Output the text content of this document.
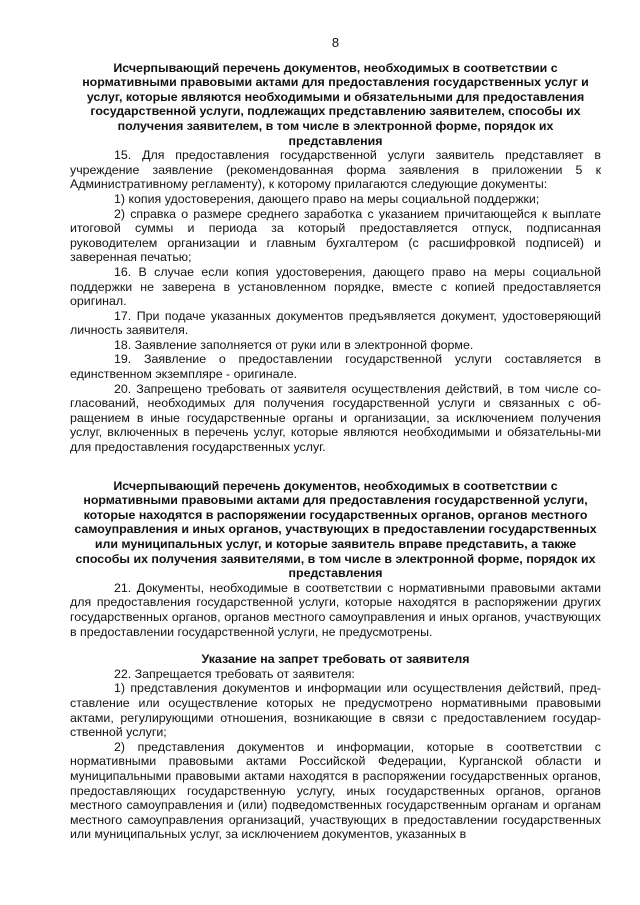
8

Исчерпывающий перечень документов, необходимых в соответствии с нормативными правовыми актами для предоставления государственных услуг и услуг, которые являются необходимыми и обязательными для предоставления государственной услуги, подлежащих представлению заявителем, способы их получения заявителем, в том числе в электронной форме, порядок их представления

15. Для предоставления государственной услуги заявитель представляет в учреждение заявление (рекомендованная форма заявления в приложении 5 к Административному регламенту), к которому прилагаются следующие документы:

1) копия удостоверения, дающего право на меры социальной поддержки;

2) справка о размере среднего заработка с указанием причитающейся к выплате итоговой суммы и периода за который предоставляется отпуск, подписанная руководителем организации и главным бухгалтером (с расшифровкой подписей) и заверенная печатью;

16. В случае если копия удостоверения, дающего право на меры социальной поддержки не заверена в установленном порядке, вместе с копией предоставляется оригинал.

17. При подаче указанных документов предъявляется документ, удостоверяющий личность заявителя.

18. Заявление заполняется от руки или в электронной форме.

19. Заявление о предоставлении государственной услуги составляется в единственном экземпляре - оригинале.

20. Запрещено требовать от заявителя осуществления действий, в том числе со-гласований, необходимых для получения государственной услуги и связанных с об-ращением в иные государственные органы и организации, за исключением получения услуг, включенных в перечень услуг, которые являются необходимыми и обязательны-ми для предоставления государственных услуг.

Исчерпывающий перечень документов, необходимых в соответствии с нормативными правовыми актами для предоставления государственной услуги, которые находятся в распоряжении государственных органов, органов местного самоуправления и иных органов, участвующих в предоставлении государственных или муниципальных услуг, и которые заявитель вправе представить, а также способы их получения заявителями, в том числе в электронной форме, порядок их представления

21. Документы, необходимые в соответствии с нормативными правовыми актами для предоставления государственной услуги, которые находятся в распоряжении других государственных органов, органов местного самоуправления и иных органов, участвующих в предоставлении государственной услуги, не предусмотрены.

Указание на запрет требовать от заявителя

22. Запрещается требовать от заявителя:

1) представления документов и информации или осуществления действий, пред-ставление или осуществление которых не предусмотрено нормативными правовыми актами, регулирующими отношения, возникающие в связи с предоставлением государ-ственной услуги;

2) представления документов и информации, которые в соответствии с нормативными правовыми актами Российской Федерации, Курганской области и муниципальными правовыми актами находятся в распоряжении государственных органов, предоставляющих государственную услугу, иных государственных органов, органов местного самоуправления и (или) подведомственных государственным органам и органам местного самоуправления организаций, участвующих в предоставлении государственных или муниципальных услуг, за исключением документов, указанных в
